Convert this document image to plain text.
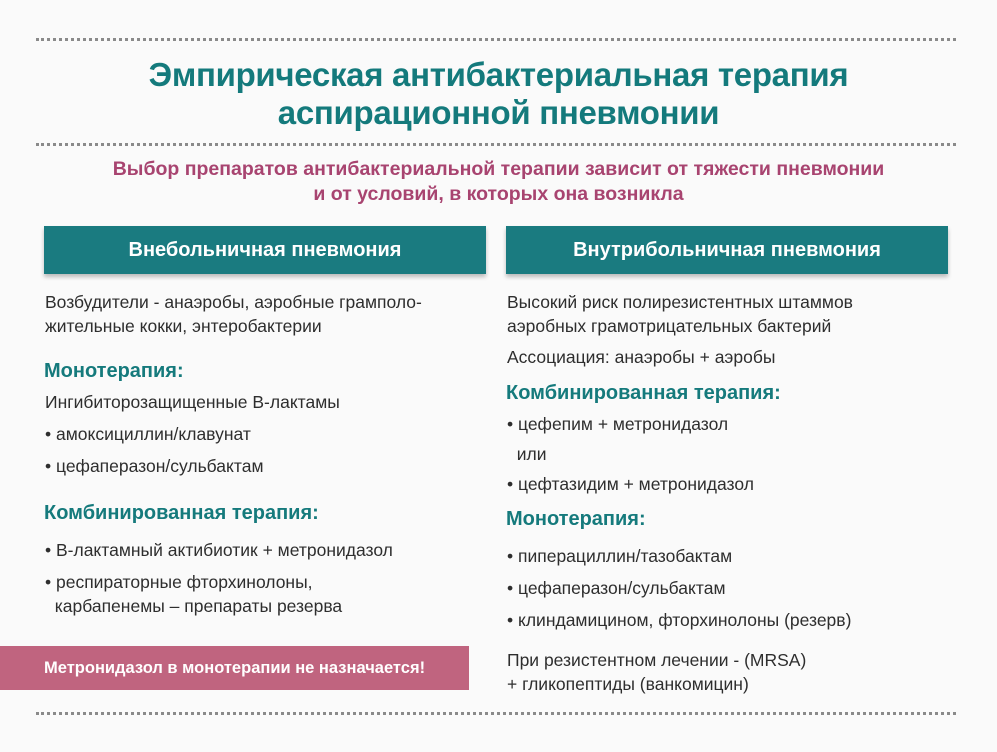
Эмпирическая антибактериальная терапия
аспирационной пневмонии
Выбор препаратов антибактериальной терапии зависит от тяжести пневмонии
и от условий, в которых она возникла
Внебольничная пневмония
Возбудители - анаэробы, аэробные грамполо-
жительные кокки, энтеробактерии
Монотерапия:
Ингибиторозащищенные B-лактамы
• амоксициллин/клавунат
• цефаперазон/сульбактам
Комбинированная терапия:
• B-лактамный актибиотик + метронидазол
• респираторные фторхинолоны,
карбапенемы – препараты резерва
Метронидазол в монотерапии не назначается!
Внутрибольничная пневмония
Высокий риск полирезистентных штаммов
аэробных грамотрицательных бактерий
Ассоциация: анаэробы + аэробы
Комбинированная терапия:
• цефепим + метронидазол
или
• цефтазидим + метронидазол
Монотерапия:
• пиперациллин/тазобактам
• цефаперазон/сульбактам
• клиндамицином, фторхинолоны (резерв)
При резистентном лечении - (MRSA)
+ гликопептиды (ванкомицин)
